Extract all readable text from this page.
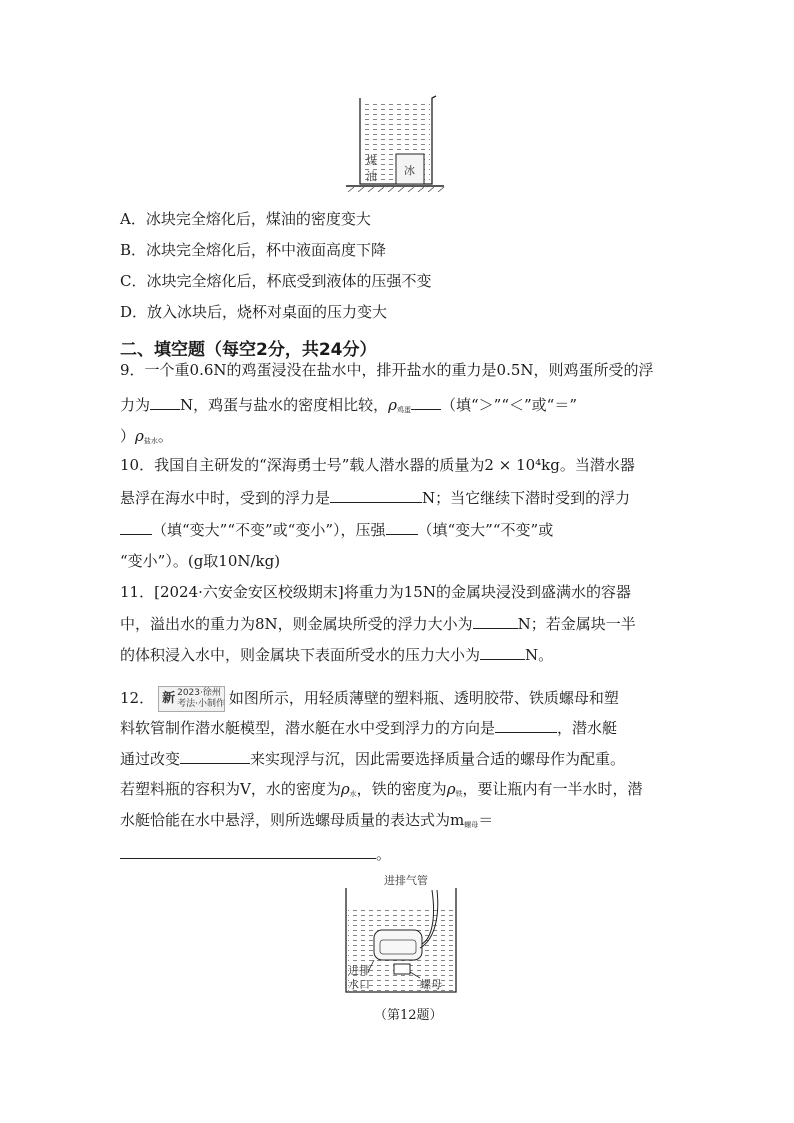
煤
油 冰
A．冰块完全熔化后，煤油的密度变大
B．冰块完全熔化后，杯中液面高度下降
C．冰块完全熔化后，杯底受到液体的压强不变
D．放入冰块后，烧杯对桌面的压力变大
二、填空题（每空2分，共24分）
9．一个重0.6N的鸡蛋浸没在盐水中，排开盐水的重力是0.5N，则鸡蛋所受的浮
力为 N，鸡蛋与盐水的密度相比较，$\rho_{鸡蛋}$ （填“＞”“＜”或“＝”
）$\rho_{盐水}$。
10．我国自主研发的“深海勇士号”载人潜水器的质量为2 × 10⁴kg。当潜水器
悬浮在海水中时，受到的浮力是	N；当它继续下潜时受到的浮力
（填“变大”“不变”或“变小”），压强 （填“变大”“不变”或
“变小”）。(g取10N/kg)
11．[2024·六安金安区校级期末]将重力为15N的金属块浸没到盛满水的容器
中，溢出水的重力为8N，则金属块所受的浮力大小为	N；若金属块一半
的体积浸入水中，则金属块下表面所受水的压力大小为	N。
12． 新 2023·徐州
考法·小制作 如图所示，用轻质薄壁的塑料瓶、透明胶带、铁质螺母和塑
料软管制作潜水艇模型，潜水艇在水中受到浮力的方向是	，潜水艇
通过改变	来实现浮与沉，因此需要选择质量合适的螺母作为配重。
若塑料瓶的容积为V，水的密度为$\rho_水$，铁的密度为$\rho_铁$，要让瓶内有一半水时，潜
水艇恰能在水中悬浮，则所选螺母质量的表达式为$m_{螺母}=$
。
进排气管
进排
水口	螺母
（第12题）
